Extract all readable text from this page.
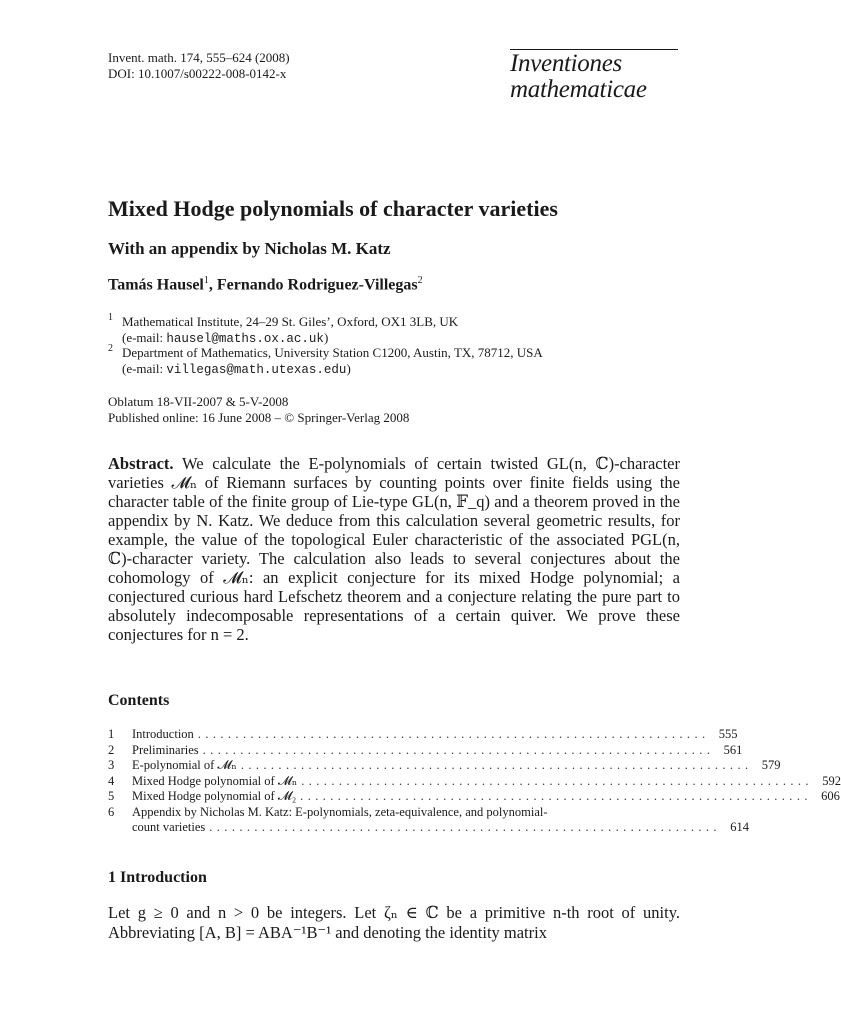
Invent. math. 174, 555–624 (2008)
DOI: 10.1007/s00222-008-0142-x	Inventiones
mathematicae
Mixed Hodge polynomials of character varieties
With an appendix by Nicholas M. Katz
Tamás Hausel$^1$, Fernando Rodriguez-Villegas$^2$
1 Mathematical Institute, 24–29 St. Giles’, Oxford, OX1 3LB, UK
(e-mail: hausel@maths.ox.ac.uk)
2 Department of Mathematics, University Station C1200, Austin, TX, 78712, USA
(e-mail: villegas@math.utexas.edu)
Oblatum 18-VII-2007 & 5-V-2008
Published online: 16 June 2008 – © Springer-Verlag 2008
Abstract. We calculate the E-polynomials of certain twisted GL(n, ℂ)-character varieties 𝓜ₙ of Riemann surfaces by counting points over finite fields using the character table of the finite group of Lie-type GL(n, 𝔽_q) and a theorem proved in the appendix by N. Katz. We deduce from this calculation several geometric results, for example, the value of the topological Euler characteristic of the associated PGL(n, ℂ)-character variety. The calculation also leads to several conjectures about the cohomology of 𝓜ₙ: an explicit conjecture for its mixed Hodge polynomial; a conjectured curious hard Lefschetz theorem and a conjecture relating the pure part to absolutely indecomposable representations of a certain quiver. We prove these conjectures for n = 2.
Contents
1	Introduction .................................................................... 555
2	Preliminaries .................................................................... 561
3	E-polynomial of 𝓜ₙ .................................................................... 579
4	Mixed Hodge polynomial of 𝓜ₙ .................................................................... 592
5	Mixed Hodge polynomial of 𝓜₂ .................................................................... 606
6	Appendix by Nicholas M. Katz: E-polynomials, zeta-equivalence, and polynomial-
count varieties .................................................................... 614
1 Introduction
Let g ≥ 0 and n > 0 be integers. Let ζₙ ∈ ℂ be a primitive n-th root of unity. Abbreviating [A, B] = ABA⁻¹B⁻¹ and denoting the identity matrix
